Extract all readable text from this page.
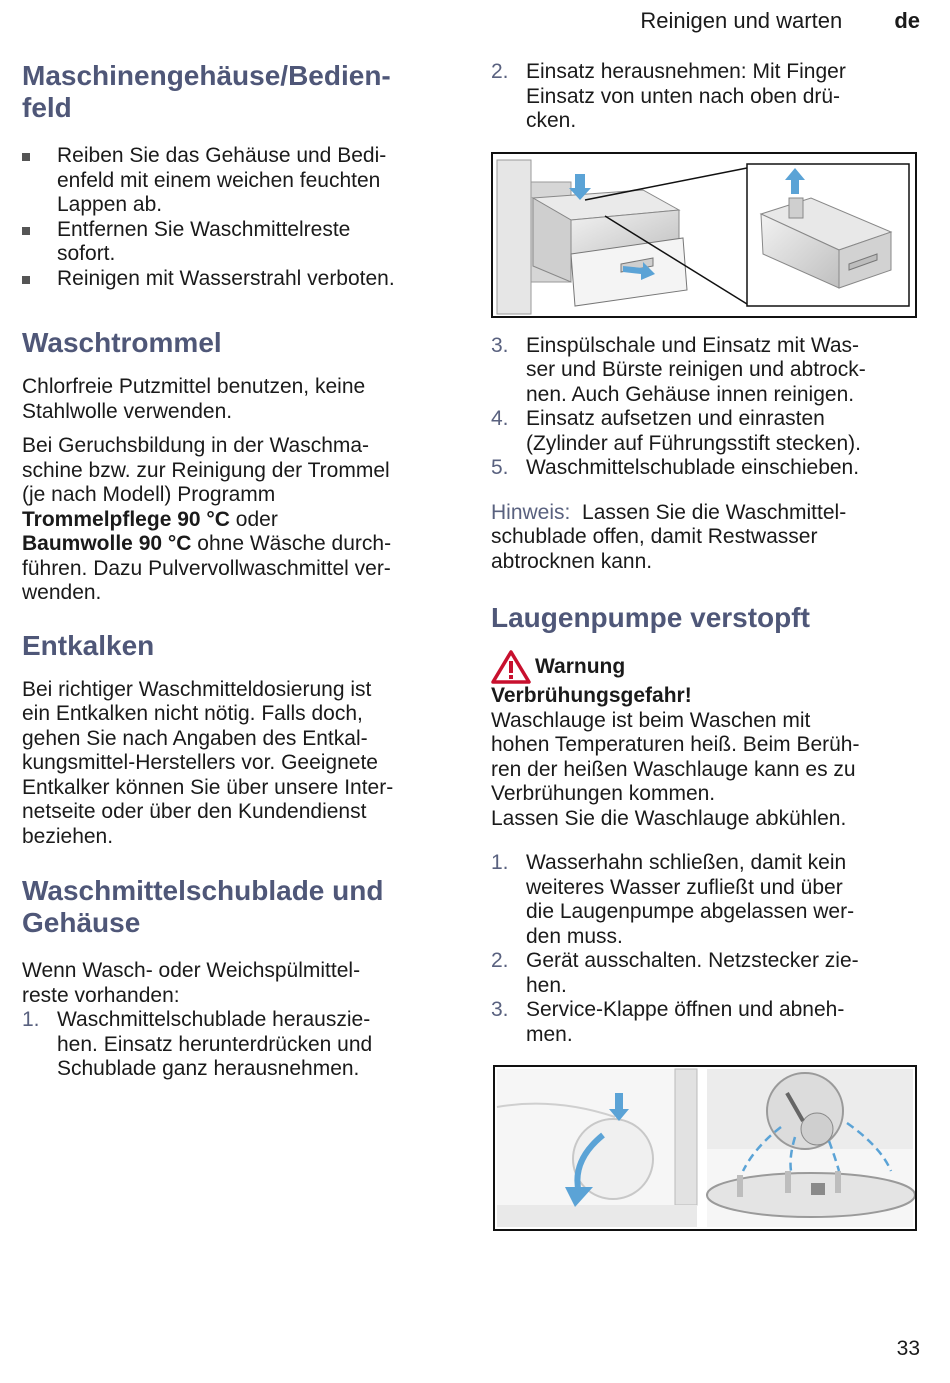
Reinigen und warten de
Maschinengehäuse/Bedien-
feld
Reiben Sie das Gehäuse und Bedi-
enfeld mit einem weichen feuchten
Lappen ab.
Entfernen Sie Waschmittelreste
sofort.
Reinigen mit Wasserstrahl verboten.
Waschtrommel
Chlorfreie Putzmittel benutzen, keine
Stahlwolle verwenden.
Bei Geruchsbildung in der Waschma-
schine bzw. zur Reinigung der Trommel
(je nach Modell) Programm
Trommelpflege 90 °C oder
Baumwolle 90 °C ohne Wäsche durch-
führen. Dazu Pulvervollwaschmittel ver-
wenden.
Entkalken
Bei richtiger Waschmitteldosierung ist
ein Entkalken nicht nötig. Falls doch,
gehen Sie nach Angaben des Entkal-
kungsmittel-Herstellers vor. Geeignete
Entkalker können Sie über unsere Inter-
netseite oder über den Kundendienst
beziehen.
Waschmittelschublade und
Gehäuse
Wenn Wasch- oder Weichspülmittel-
reste vorhanden:
1. Waschmittelschublade herauszie-
hen. Einsatz herunterdrücken und
Schublade ganz herausnehmen.
2. Einsatz herausnehmen: Mit Finger
Einsatz von unten nach oben drü-
cken.
3. Einspülschale und Einsatz mit Was-
ser und Bürste reinigen und abtrock-
nen. Auch Gehäuse innen reinigen.
4. Einsatz aufsetzen und einrasten
(Zylinder auf Führungsstift stecken).
5. Waschmittelschublade einschieben.
Hinweis:  Lassen Sie die Waschmittel-
schublade offen, damit Restwasser
abtrocknen kann.
Laugenpumpe verstopft
Warnung
Verbrühungsgefahr!
Waschlauge ist beim Waschen mit
hohen Temperaturen heiß. Beim Berüh-
ren der heißen Waschlauge kann es zu
Verbrühungen kommen.
Lassen Sie die Waschlauge abkühlen.
1. Wasserhahn schließen, damit kein
weiteres Wasser zufließt und über
die Laugenpumpe abgelassen wer-
den muss.
2. Gerät ausschalten. Netzstecker zie-
hen.
3. Service-Klappe öffnen und abneh-
men.
33
